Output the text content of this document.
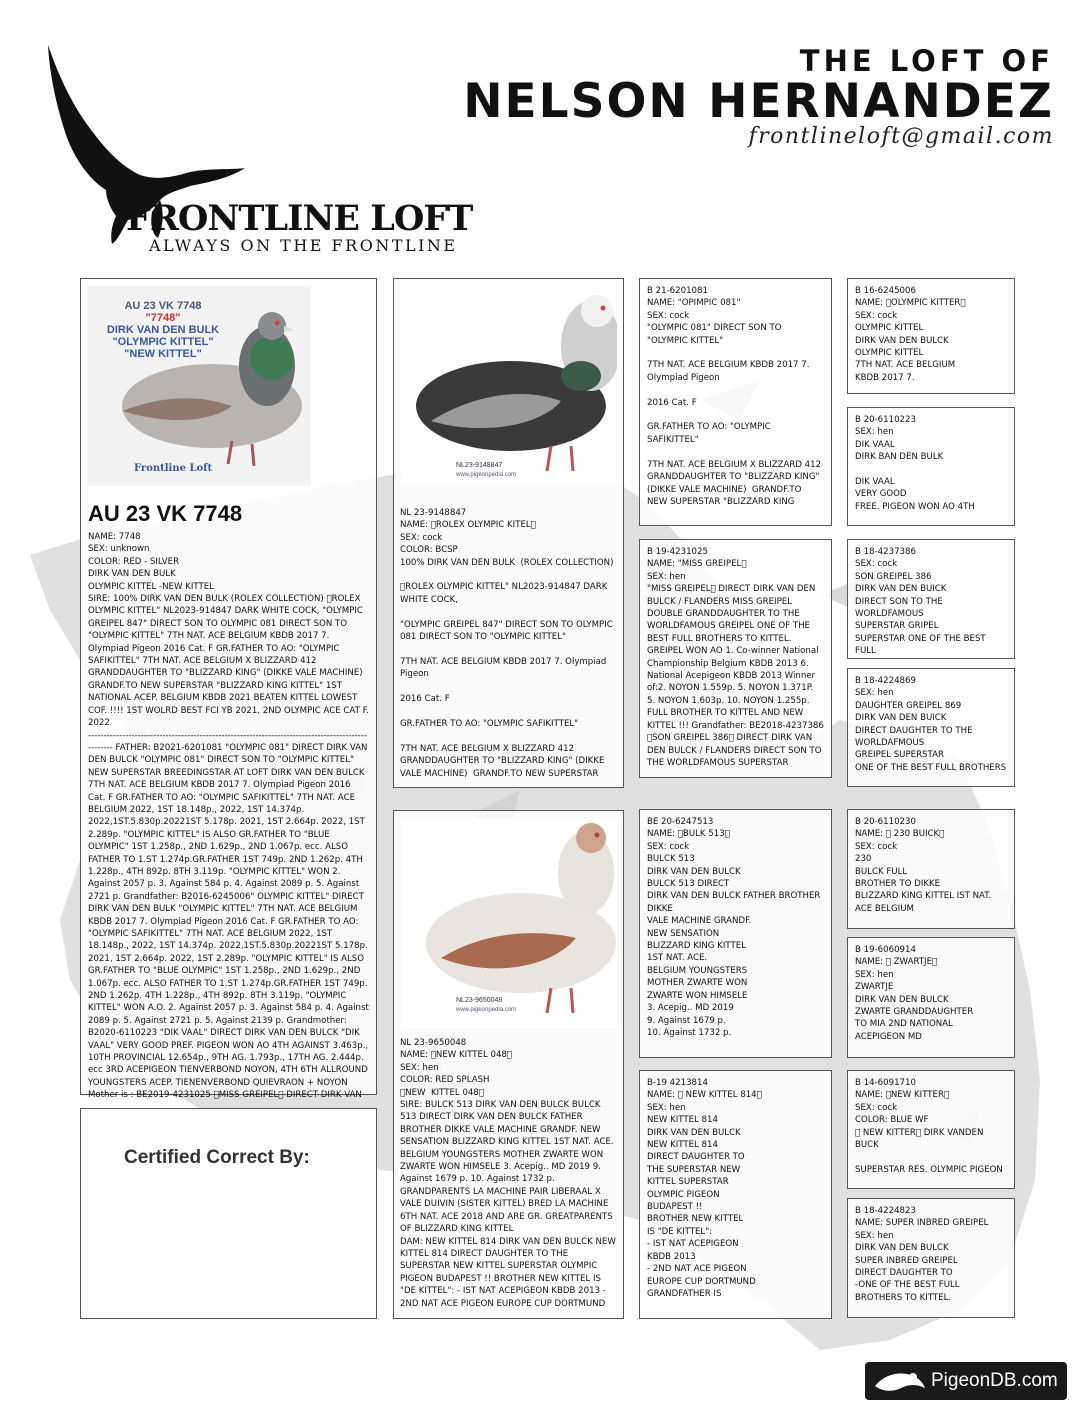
THE LOFT OF
NELSON HERNANDEZ
frontlineloft@gmail.com
FRONTLINE LOFT
ALWAYS ON THE FRONTLINE
AU 23 VK 7748
"7748"
DIRK VAN DEN BULK
"OLYMPIC KITTEL"
"NEW KITTEL"
Frontline Loft
AU 23 VK 7748
NAME: 7748
SEX: unknown
COLOR: RED - SILVER
DIRK VAN DEN BULK
OLYMPIC KITTEL -NEW KITTEL
SIRE: 100% DIRK VAN DEN BULK (ROLEX COLLECTION)  ROLEX OLYMPIC KITTEL" NL2023-914847 DARK WHITE COCK, "OLYMPIC GREIPEL 847" DIRECT SON TO OLYMPIC 081 DIRECT SON TO "OLYMPIC KITTEL" 7TH NAT. ACE BELGIUM KBDB 2017 7. Olympiad Pigeon 2016 Cat. F GR.FATHER TO AO: "OLYMPIC SAFIKITTEL" 7TH NAT. ACE BELGIUM X BLIZZARD 412 GRANDDAUGHTER TO "BLIZZARD KING" (DIKKE VALE MACHINE) GRANDF.TO NEW SUPERSTAR "BLIZZARD KING KITTEL" 1ST NATIONAL ACEP. BELGIUM KBDB 2021 BEATEN KITTEL LOWEST COF. !!!! 1ST WOLRD BEST FCI YB 2021, 2ND OLYMPIC ACE CAT F. 2022
-------------------------------------------------------------------------------------------------- FATHER: B2021-6201081 "OLYMPIC 081" DIRECT DIRK VAN DEN BULCK "OLYMPIC 081" DIRECT SON TO "OLYMPIC KITTEL" NEW SUPERSTAR BREEDINGSTAR AT LOFT DIRK VAN DEN BULCK 7TH NAT. ACE BELGIUM KBDB 2017 7. Olympiad Pigeon 2016 Cat. F GR.FATHER TO AO: "OLYMPIC SAFIKITTEL" 7TH NAT. ACE BELGIUM 2022, 1ST 18.148p., 2022, 1ST 14.374p. 2022,1ST.5.830p.20221ST 5.178p. 2021, 1ST 2.664p. 2022, 1ST 2.289p. "OLYMPIC KITTEL" IS ALSO GR.FATHER TO "BLUE OLYMPIC" 1ST 1.258p., 2ND 1.629p., 2ND 1.067p. ecc. ALSO FATHER TO 1.ST 1.274p.GR.FATHER 1ST 749p. 2ND 1.262p. 4TH 1.228p., 4TH 892p. 8TH 3.119p. "OLYMPIC KITTEL" WON 2. Against 2057 p. 3. Against 584 p. 4. Against 2089 p. 5. Against 2721 p. Grandfather: B2016-6245006" OLYMPIC KITTEL" DIRECT DIRK VAN DEN BULK "OLYMPIC KITTEL" 7TH NAT. ACE BELGIUM KBDB 2017 7. Olympiad Pigeon 2016 Cat. F GR.FATHER TO AO: "OLYMPIC SAFIKITTEL" 7TH NAT. ACE BELGIUM 2022, 1ST 18.148p., 2022, 1ST 14.374p. 2022,1ST.5.830p.20221ST 5.178p. 2021, 1ST 2.664p. 2022, 1ST 2.289p. "OLYMPIC KITTEL" IS ALSO GR.FATHER TO "BLUE OLYMPIC" 1ST 1.258p., 2ND 1.629p., 2ND 1.067p. ecc. ALSO FATHER TO 1.ST 1.274p.GR.FATHER 1ST 749p. 2ND 1.262p. 4TH 1.228p., 4TH 892p. 8TH 3.119p. "OLYMPIC KITTEL" WON A.O. 2. Against 2057 p. 3. Against 584 p. 4. Against 2089 p. 5. Against 2721 p. 5. Against 2139 p. Grandmother: B2020-6110223 "DIK VAAL" DIRECT DIRK VAN DEN BULCK "DIK VAAL" VERY GOOD PREF. PIGEON WON AO 4TH AGAINST 3.463p., 10TH PROVINCIAL 12.654p., 9TH AG. 1.793p., 17TH AG. 2.444p. ecc 3RD ACEPIGEON TIENVERBOND NOYON, 4TH 6TH ALLROUND YOUNGSTERS ACEP. TIENENVERBOND QUIEVRAON + NOYON Mother is : BE2019-4231025  MISS GREIPEL  DIRECT DIRK VAN
NL23-9148847
www.pigeonpedia.com
NL 23-9148847
NAME:  ROLEX OLYMPIC KITEL
SEX: cock
COLOR: BCSP
100% DIRK VAN DEN BULK  (ROLEX COLLECTION)

ROLEX OLYMPIC KITTEL" NL2023-914847 DARK WHITE COCK,

"OLYMPIC GREIPEL 847" DIRECT SON TO OLYMPIC 081 DIRECT SON TO "OLYMPIC KITTEL"

7TH NAT. ACE BELGIUM KBDB 2017 7. Olympiad Pigeon

2016 Cat. F

GR.FATHER TO AO: "OLYMPIC SAFIKITTEL"

7TH NAT. ACE BELGIUM X BLIZZARD 412 GRANDDAUGHTER TO "BLIZZARD KING" (DIKKE VALE MACHINE)  GRANDF.TO NEW SUPERSTAR
NL23-9650048
www.pigeonpedia.com
NL 23-9650048
NAME:  NEW KITTEL 048
SEX: hen
COLOR: RED SPLASH
NEW  KITTEL 048
SIRE: BULCK 513 DIRK VAN DEN BULCK BULCK 513 DIRECT DIRK VAN DEN BULCK FATHER BROTHER DIKKE VALE MACHINE GRANDF. NEW SENSATION BLIZZARD KING KITTEL 1ST NAT. ACE. BELGIUM YOUNGSTERS MOTHER ZWARTE WON ZWARTE WON HIMSELE 3. Acepig.. MD 2019 9. Against 1679 p. 10. Against 1732 p. GRANDPARENTS LA MACHINE PAIR LIBERAAL X VALE DUIVIN (SISTER KITTEL) BRED LA MACHINE 6TH NAT. ACE 2018 AND ARE GR. GREATPARENTS OF BLIZZARD KING KITTEL
DAM: NEW KITTEL 814 DIRK VAN DEN BULCK NEW KITTEL 814 DIRECT DAUGHTER TO THE SUPERSTAR NEW KITTEL SUPERSTAR OLYMPIC PIGEON BUDAPEST !! BROTHER NEW KITTEL IS "DE KITTEL": - IST NAT ACEPIGEON KBDB 2013 - 2ND NAT ACE PIGEON EUROPE CUP DORTMUND
B 21-6201081
NAME: "OPIMPIC 081"
SEX: cock
"OLYMPIC 081" DIRECT SON TO "OLYMPIC KITTEL"

7TH NAT. ACE BELGIUM KBDB 2017 7. Olympiad Pigeon

2016 Cat. F

GR.FATHER TO AO: "OLYMPIC SAFIKITTEL"

7TH NAT. ACE BELGIUM X BLIZZARD 412 GRANDDAUGHTER TO "BLIZZARD KING" (DIKKE VALE MACHINE)  GRANDF.TO NEW SUPERSTAR "BLIZZARD KING
B 19-4231025
NAME: "MISS GREIPEL
SEX: hen
"MISS GREIPEL  DIRECT DIRK VAN DEN BULCK / FLANDERS MISS GREIPEL DOUBLE GRANDDAUGHTER TO THE WORLDFAMOUS GREIPEL ONE OF THE BEST FULL BROTHERS TO KITTEL. GREIPEL WON AO 1. Co-winner National Championship Belgium KBDB 2013 6. National Acepigeon KBDB 2013 Winner of:2. NOYON 1.559p. 5. NOYON 1.371P. 5. NOYON 1.603p. 10. NOYON 1.255p. FULL BROTHER TO KITTEL AND NEW KITTEL !!! Grandfather: BE2018-4237386  SON GREIPEL 386  DIRECT DIRK VAN DEN BULCK / FLANDERS DIRECT SON TO THE WORLDFAMOUS SUPERSTAR
BE 20-6247513
NAME:  BULK 513
SEX: cock
BULCK 513
DIRK VAN DEN BULCK
BULCK 513 DIRECT
DIRK VAN DEN BULCK FATHER BROTHER DIKKE
VALE MACHINE GRANDF.
NEW SENSATION
BLIZZARD KING KITTEL
1ST NAT. ACE.
BELGIUM YOUNGSTERS
MOTHER ZWARTE WON
ZWARTE WON HIMSELE
3. Acepig.. MD 2019
9. Against 1679 p.
10. Against 1732 p.
B-19 4213814
NAME:   NEW KITTEL 814
SEX: hen
NEW KITTEL 814
DIRK VAN DEN BULCK
NEW KITTEL 814
DIRECT DAUGHTER TO
THE SUPERSTAR NEW
KITTEL SUPERSTAR
OLYMPIC PIGEON
BUDAPEST !!
BROTHER NEW KITTEL
IS "DE KITTEL":
- IST NAT ACEPIGEON
KBDB 2013
- 2ND NAT ACE PIGEON
EUROPE CUP DORTMUND
GRANDFATHER IS
B 16-6245006
NAME:  OLYMPIC KITTER
SEX: cock
OLYMPIC KITTEL
DIRK VAN DEN BULCK
OLYMPIC KITTEL
7TH NAT. ACE BELGIUM
KBDB 2017 7.
B 20-6110223
SEX: hen
DIK VAAL
DIRK BAN DEN BULK

DIK VAAL
VERY GOOD
FREE. PIGEON WON AO 4TH
B 18-4237386
SEX: cock
SON GREIPEL 386
DIRK VAN DEN BUICK
DIRECT SON TO THE
WORLDFAMOUS
SUPERSTAR GRIPEL
SUPERSTAR ONE OF THE BEST FULL
B 18-4224869
SEX: hen
DAUGHTER GREIPEL 869
DIRK VAN DEN BUICK
DIRECT DAUGHTER TO THE
WORLDAFMOUS
GREIPEL SUPERSTAR
ONE OF THE BEST FULL BROTHERS
B 20-6110230
NAME:   230 BUICK
SEX: cock
230
BULCK FULL
BROTHER TO DIKKE
BLIZZARD KING KITTEL IST NAT.
ACE BELGIUM
B 19-6060914
NAME:   ZWARTJE
SEX: hen
ZWARTJE
DIRK VAN DEN BULCK
ZWARTE GRANDDAUGHTER
TO MIA 2ND NATIONAL
ACEPIGEON MD
B 14-6091710
NAME:  NEW KITTER
SEX: cock
COLOR: BLUE WF
NEW KITTER  DIRK VANDEN
BUCK

SUPERSTAR RES. OLYMPIC PIGEON
B 18-4224823
NAME: SUPER INBRED GREIPEL
SEX: hen
DIRK VAN DEN BULCK
SUPER INBRED GREIPEL
DIRECT DAUGHTER TO
-ONE OF THE BEST FULL
BROTHERS TO KITTEL.
Certified Correct By:
PigeonDB.com
